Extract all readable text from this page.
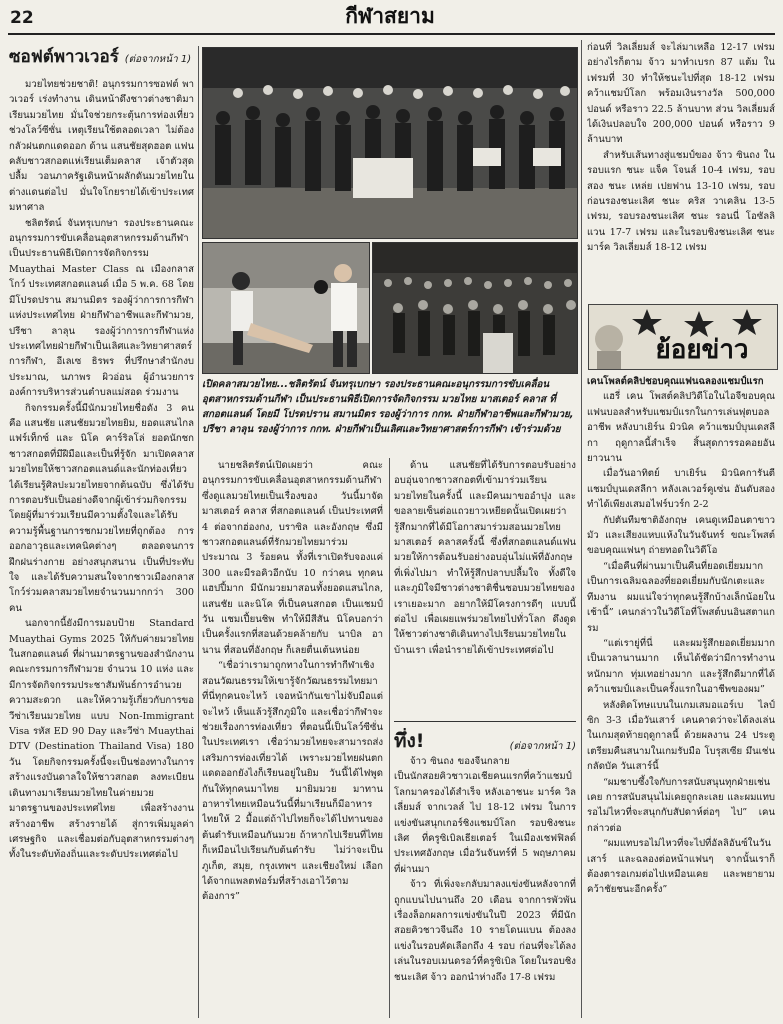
22	กีฬาสยาม
ซอฟต์พาวเวอร์ (ต่อจากหน้า 1)

มวยไทยช่วยชาติ! อนุกรรมการซอฟต์ พาวเวอร์ เร่งทำงาน เดินหน้าดึงชาวต่างชาติมาเรียนมวยไทย มั่นใจช่วยกระตุ้นการท่องเที่ยวช่วงโลว์ซีซั่น เหตุเรียนใช้ตลอดเวลา ไม่ต้องกลัวฝนตกแดดออก ด้าน แสนชัยสุดฮอต แฟนคลับชาวสกอตแห่เรียนเต็มคลาส เจ้าตัวสุดปลื้ม วอนภาครัฐเดินหน้าผลักดันมวยไทยในต่างแดนต่อไป มั่นใจโกยรายได้เข้าประเทศมหาศาล

ชลิตรัตน์ จันทรุเบกษา รองประธานคณะอนุกรรมการขับเคลื่อนอุตสาหกรรมด้านกีฬา เป็นประธานพิธีเปิดการจัดกิจกรรม Muaythai Master Class ณ เมืองกลาสโกว์ ประเทศสกอตแลนด์ เมื่อ 5 พ.ค. 68 โดยมีโปรดปราน สมานมิตร รองผู้ว่าการการกีฬาแห่งประเทศไทย ฝ่ายกีฬาอาชีพและกีฬามวย, ปรีชา ลาลุน รองผู้ว่าการการกีฬาแห่งประเทศไทยฝ่ายกีฬาเป็นเลิศและวิทยาศาสตร์การกีฬา, อีเลเซ ธิรพร ที่ปรึกษาสำนักงบประมาณ, นภาพร ผิวอ่อน ผู้อำนวยการองค์การบริหารส่วนตำบลแม่สอด ร่วมงาน

กิจกรรมครั้งนี้มีนักมวยไทยชื่อดัง 3 คนคือ แสนชัย แสนชัยมวยไทยยิม, ยอดแสนไกล แฟร์เท็กซ์ และ นิโค คาร์ริลโล่ ยอดนักชกชาวสกอตที่มีฝีมือและเป็นที่รู้จัก มาเปิดคลาสมวยไทยให้ชาวสกอตแลนด์และนักท่องเที่ยวได้เรียนรู้ศิลปะมวยไทยจากต้นฉบับ ซึ่งได้รับการตอบรับเป็นอย่างดีจากผู้เข้าร่วมกิจกรรม โดยผู้ที่มาร่วมเรียนมีความตั้งใจและได้รับความรู้พื้นฐานการชกมวยไทยที่ถูกต้อง การออกอาวุธและเทคนิคต่างๆ ตลอดจนการฝึกฝนร่างกาย อย่างสนุกสนาน เป็นที่ประทับใจ และได้รับความสนใจจากชาวเมืองกลาสโกว์ร่วมคลาสมวยไทยจำนวนมากกว่า 300 คน

นอกจากนี้ยังมีการมอบป้าย Standard Muaythai Gyms 2025 ให้กับค่ายมวยไทยในสกอตแลนด์ ที่ผ่านมาตรฐานของสำนักงานคณะกรรมการกีฬามวย จำนวน 10 แห่ง และมีการจัดกิจกรรมประชาสัมพันธ์การอำนวยความสะดวก และให้ความรู้เกี่ยวกับการขอวีซ่าเรียนมวยไทย แบบ Non-Immigrant Visa รหัส ED 90 Day และวีซ่า Muaythai DTV (Destination Thailand Visa) 180 วัน โดยกิจกรรมครั้งนี้จะเป็นช่องทางในการสร้างแรงบันดาลใจให้ชาวสกอต ลงทะเบียนเดินทางมาเรียนมวยไทยในค่ายมวยมาตรฐานของประเทศไทย เพื่อสร้างงาน สร้างอาชีพ สร้างรายได้ สู่การเพิ่มมูลค่าเศรษฐกิจ และเชื่อมต่อกับอุตสาหกรรมต่างๆ ทั้งในระดับท้องถิ่นและระดับประเทศต่อไป

เปิดคลาสมวยไทย...ชลิตรัตน์ จันทรุเบกษา รองประธานคณะอนุกรรมการขับเคลื่อนอุตสาหกรรมด้านกีฬา เป็นประธานพิธีเปิดการจัดกิจกรรม มวยไทย มาสเตอร์ คลาส ที่สกอตแลนด์ โดยมี โปรดปราน สมานมิตร รองผู้ว่าการ กกท. ฝ่ายกีฬาอาชีพและกีฬามวย, ปรีชา ลาลุน รองผู้ว่าการ กกท. ฝ่ายกีฬาเป็นเลิศและวิทยาศาสตร์การกีฬา เข้าร่วมด้วย

นายชลิตรัตน์เปิดเผยว่า คณะอนุกรรมการขับเคลื่อนอุตสาหกรรมด้านกีฬา ซึ่งดูแลมวยไทยเป็นเรื่องของ วันนี้มาจัดมาสเตอร์ คลาส ที่สกอตแลนด์ เป็นประเทศที่ 4 ต่อจากฮ่องกง, บราซิล และอังกฤษ ซึ่งมีชาวสกอตแลนด์ที่รักมวยไทยมาร่วมประมาณ 3 ร้อยคน ทั้งที่เราเปิดรับจองแค่ 300 และมีรอคิวอีกนับ 10 กว่าคน ทุกคนแฮปปี้มาก มีนักมวยมาสอนทั้งยอดแสนไกล, แสนชัย และนิโค ที่เป็นคนสกอต เป็นแชมป์วัน แชมเปี้ยนชิพ ทำให้มีสีสัน นิโคบอกว่า เป็นครั้งแรกที่สอนด้วยคล้ายกับ นาบิล อานาน ที่สอนที่อังกฤษ ก็เลยตื่นเต้นหน่อย

“เชื่อว่าเรามาถูกทางในการทำกีฬาเชิงสอนวัฒนธรรมให้เขารู้จักวัฒนธรรมไทยมาที่นี่ทุกคนจะไหว้ เจอหน้ากันเขาไม่จับมือแต่จะไหว้ เห็นแล้วรู้สึกภูมิใจ และเชื่อว่ากีฬาจะช่วยเรื่องการท่องเที่ยว ที่ตอนนี้เป็นโลว์ซีซั่นในประเทศเรา เชื่อว่ามวยไทยจะสามารถส่งเสริมการท่องเที่ยวได้ เพราะมวยไทยฝนตกแดดออกยังไงก็เรียนอยู่ในยิม วันนี้ได้ไฟพูดกันให้ทุกคนมาไทย มายิมมวย มาทานอาหารไทยเหมือนวันนี้ที่มาเรียนก็มีอาหารไทยให้ 2 มื้อแต่ถ้าไปไทยก็จะได้ไปทานของต้นตำรับเหมือนกันมวย ถ้าหากไปเรียนที่ไทยก็เหมือนไปเรียนกับต้นตำรับ ไม่ว่าจะเป็นภูเก็ต, สมุย, กรุงเทพฯ และเชียงใหม่ เลือกได้จากแพลตฟอร์มที่สร้างเอาไว้ตามต้องการ”

ด้าน แสนชัยที่ได้รับการตอบรับอย่างอบอุ่นจากชาวสกอตที่เข้ามาร่วมเรียนมวยไทยในครั้งนี้ และมีคนมาขออำปุง และขอลายเซ็นต่อแถวยาวเหยียดนั้นเปิดเผยว่ารู้สึกมากที่ได้มีโอกาสมาร่วมสอนมวยไทยมาสเตอร์ คลาสครั้งนี้ ซึ่งที่สกอตแลนด์แฟนมวยให้การต้อนรับอย่างอบอุ่นไม่แพ้ที่อังกฤษที่เพิ่งไปมา ทำให้รู้สึกปลาบปลื้มใจ ทั้งดีใจและภูมิใจมีชาวต่างชาติชื่นชอบมวยไทยของเราเยอะมาก อยากให้มีโครงการดีๆ แบบนี้ต่อไป เพื่อเผยแพร่มวยไทยไปทั่วโลก ดึงดูดให้ชาวต่างชาติเดินทางไปเรียนมวยไทยในบ้านเรา เพื่อนำรายได้เข้าประเทศต่อไป

ทึ่ง!	(ต่อจากหน้า 1)

จ้าว ซินถง ของจีนกลายเป็นนักสอยคิวชาวเอเชียคนแรกที่คว้าแชมป์โลกมาครองได้สำเร็จ หลังเอาชนะ มาร์ค วิลเลี่ยมส์ จากเวลส์ ไป 18-12 เฟรม ในการแข่งขันสนุกเกอร์ชิงแชมป์โลก รอบชิงชนะเลิศ ที่ครูซิเบิลเธียเตอร์ ในเมืองเชฟฟิลด์ ประเทศอังกฤษ เมื่อวันจันทร์ที่ 5 พฤษภาคม ที่ผ่านมา

จ้าว ที่เพิ่งจะกลับมาลงแข่งขันหลังจากที่ถูกแบนไปนานถึง 20 เดือน จากการพัวพันเรื่องล็อกผลการแข่งขันในปี 2023 ที่มีนักสอยคิวชาวจีนถึง 10 รายโดนแบน ต้องลงแข่งในรอบคัดเลือกถึง 4 รอบ ก่อนที่จะได้ลงเล่นในรอบเมนดรอว์ที่ครูซิเบิล โดยในรอบชิงชนะเลิศ จ้าว ออกนำห่างถึง 17-8 เฟรม

ก่อนที่ วิลเลี่ยมส์ จะไล่มาเหลือ 12-17 เฟรม อย่างไรก็ตาม จ้าว มาทำเบรก 87 แต้ม ในเฟรมที่ 30 ทำให้ชนะไปที่สุด 18-12 เฟรม คว้าแชมป์โลก พร้อมเงินรางวัล 500,000 ปอนด์ หรือราว 22.5 ล้านบาท ส่วน วิลเลี่ยมส์ได้เงินปลอบใจ 200,000 ปอนด์ หรือราว 9 ล้านบาท

สำหรับเส้นทางสู่แชมป์ของ จ้าว ซินถง ในรอบแรก ชนะ แจ็ค โจนส์ 10-4 เฟรม, รอบสอง ชนะ เหล่ย เปยฟาน 13-10 เฟรม, รอบก่อนรองชนะเลิศ ชนะ คริส วาเคลิน 13-5 เฟรม, รอบรองชนะเลิศ ชนะ รอนนี่ โอซัลลิแวน 17-7 เฟรม และในรอบชิงชนะเลิศ ชนะ มาร์ค วิลเลี่ยมส์ 18-12 เฟรม

ย้อยข่าว
เคนโพลต์คลิปชอบคุณแฟนฉลองแชมป์แรก

แฮรี่ เคน โพสต์คลิปวิดีโอในไอจีขอบคุณแฟนบอลสำหรับแชมป์แรกในการเล่นฟุตบอลอาชีพ หลังบาเยิร์น มิวนิค คว้าแชมป์บุนเดสลีกา ฤดูกาลนี้สำเร็จ สิ้นสุดการรอคอยอันยาวนาน

เมื่อวันอาทิตย์ บาเยิร์น มิวนิคการันตีแชมป์บุนเดสลีกา หลังเลเวอร์คูเซ่น อันดับสองทำได้เพียงเสมอไฟร์บวร์ก 2-2

กัปตันทีมชาติอังกฤษ เคนดูเหมือนตาขาวมัว และเสียงแหบแห้งในวันจันทร์ ขณะโพสต์ขอบคุณแฟนๆ ถ่ายทอดในวิดีโอ

“เมื่อคืนที่ผ่านมาเป็นคืนที่ยอดเยี่ยมมาก เป็นการเฉลิมฉลองที่ยอดเยี่ยมกับนักเตะและทีมงาน ผมแน่ใจว่าทุกคนรู้สึกบ้างเล็กน้อยในเช้านี้” เคนกล่าวในวิดีโอที่โพสต์บนอินสตาแกรม

“แต่เรายู่ที่นี่ และผมรู้สึกยอดเยี่ยมมาก เป็นเวลานานมาก เห็นได้ชัดว่ามีการทำงานหนักมาก ทุ่มเทอย่างมาก และรู้สึกดีมากที่ได้คว้าแชมป์และเป็นครั้งแรกในอาชีพของผม”

หลังติดโทษแบนในเกมเสมอแอร์เบ ไลป์ซิก 3-3 เมื่อวันเสาร์ เคนคาดว่าจะได้ลงเล่นในเกมสุดท้ายฤดูกาลนี้ ด้วยผลงาน 24 ประตู เตรียมคืนสนามในเกมรับมือ โบรุสเซีย มึนเช่นกลัดบัค วันเสาร์นี้

“ผมชาบซึ้งใจกับการสนับสนุนทุกฝ่ายเช่นเคย การสนับสนุนไม่เคยถูกละเลย และผมแทบรอไม่ไหวที่จะสนุกกับสัปดาห์ต่อๆ ไป” เคนกล่าวต่อ

“ผมแทบรอไม่ไหวที่จะไปที่อัลลิอันซ์ในวันเสาร์ และฉลองต่อหน้าแฟนๆ จากนั้นเราก็ต้องตารอเกมต่อไปเหมือนเคย และพยายามคว้าชัยชนะอีกครั้ง”
